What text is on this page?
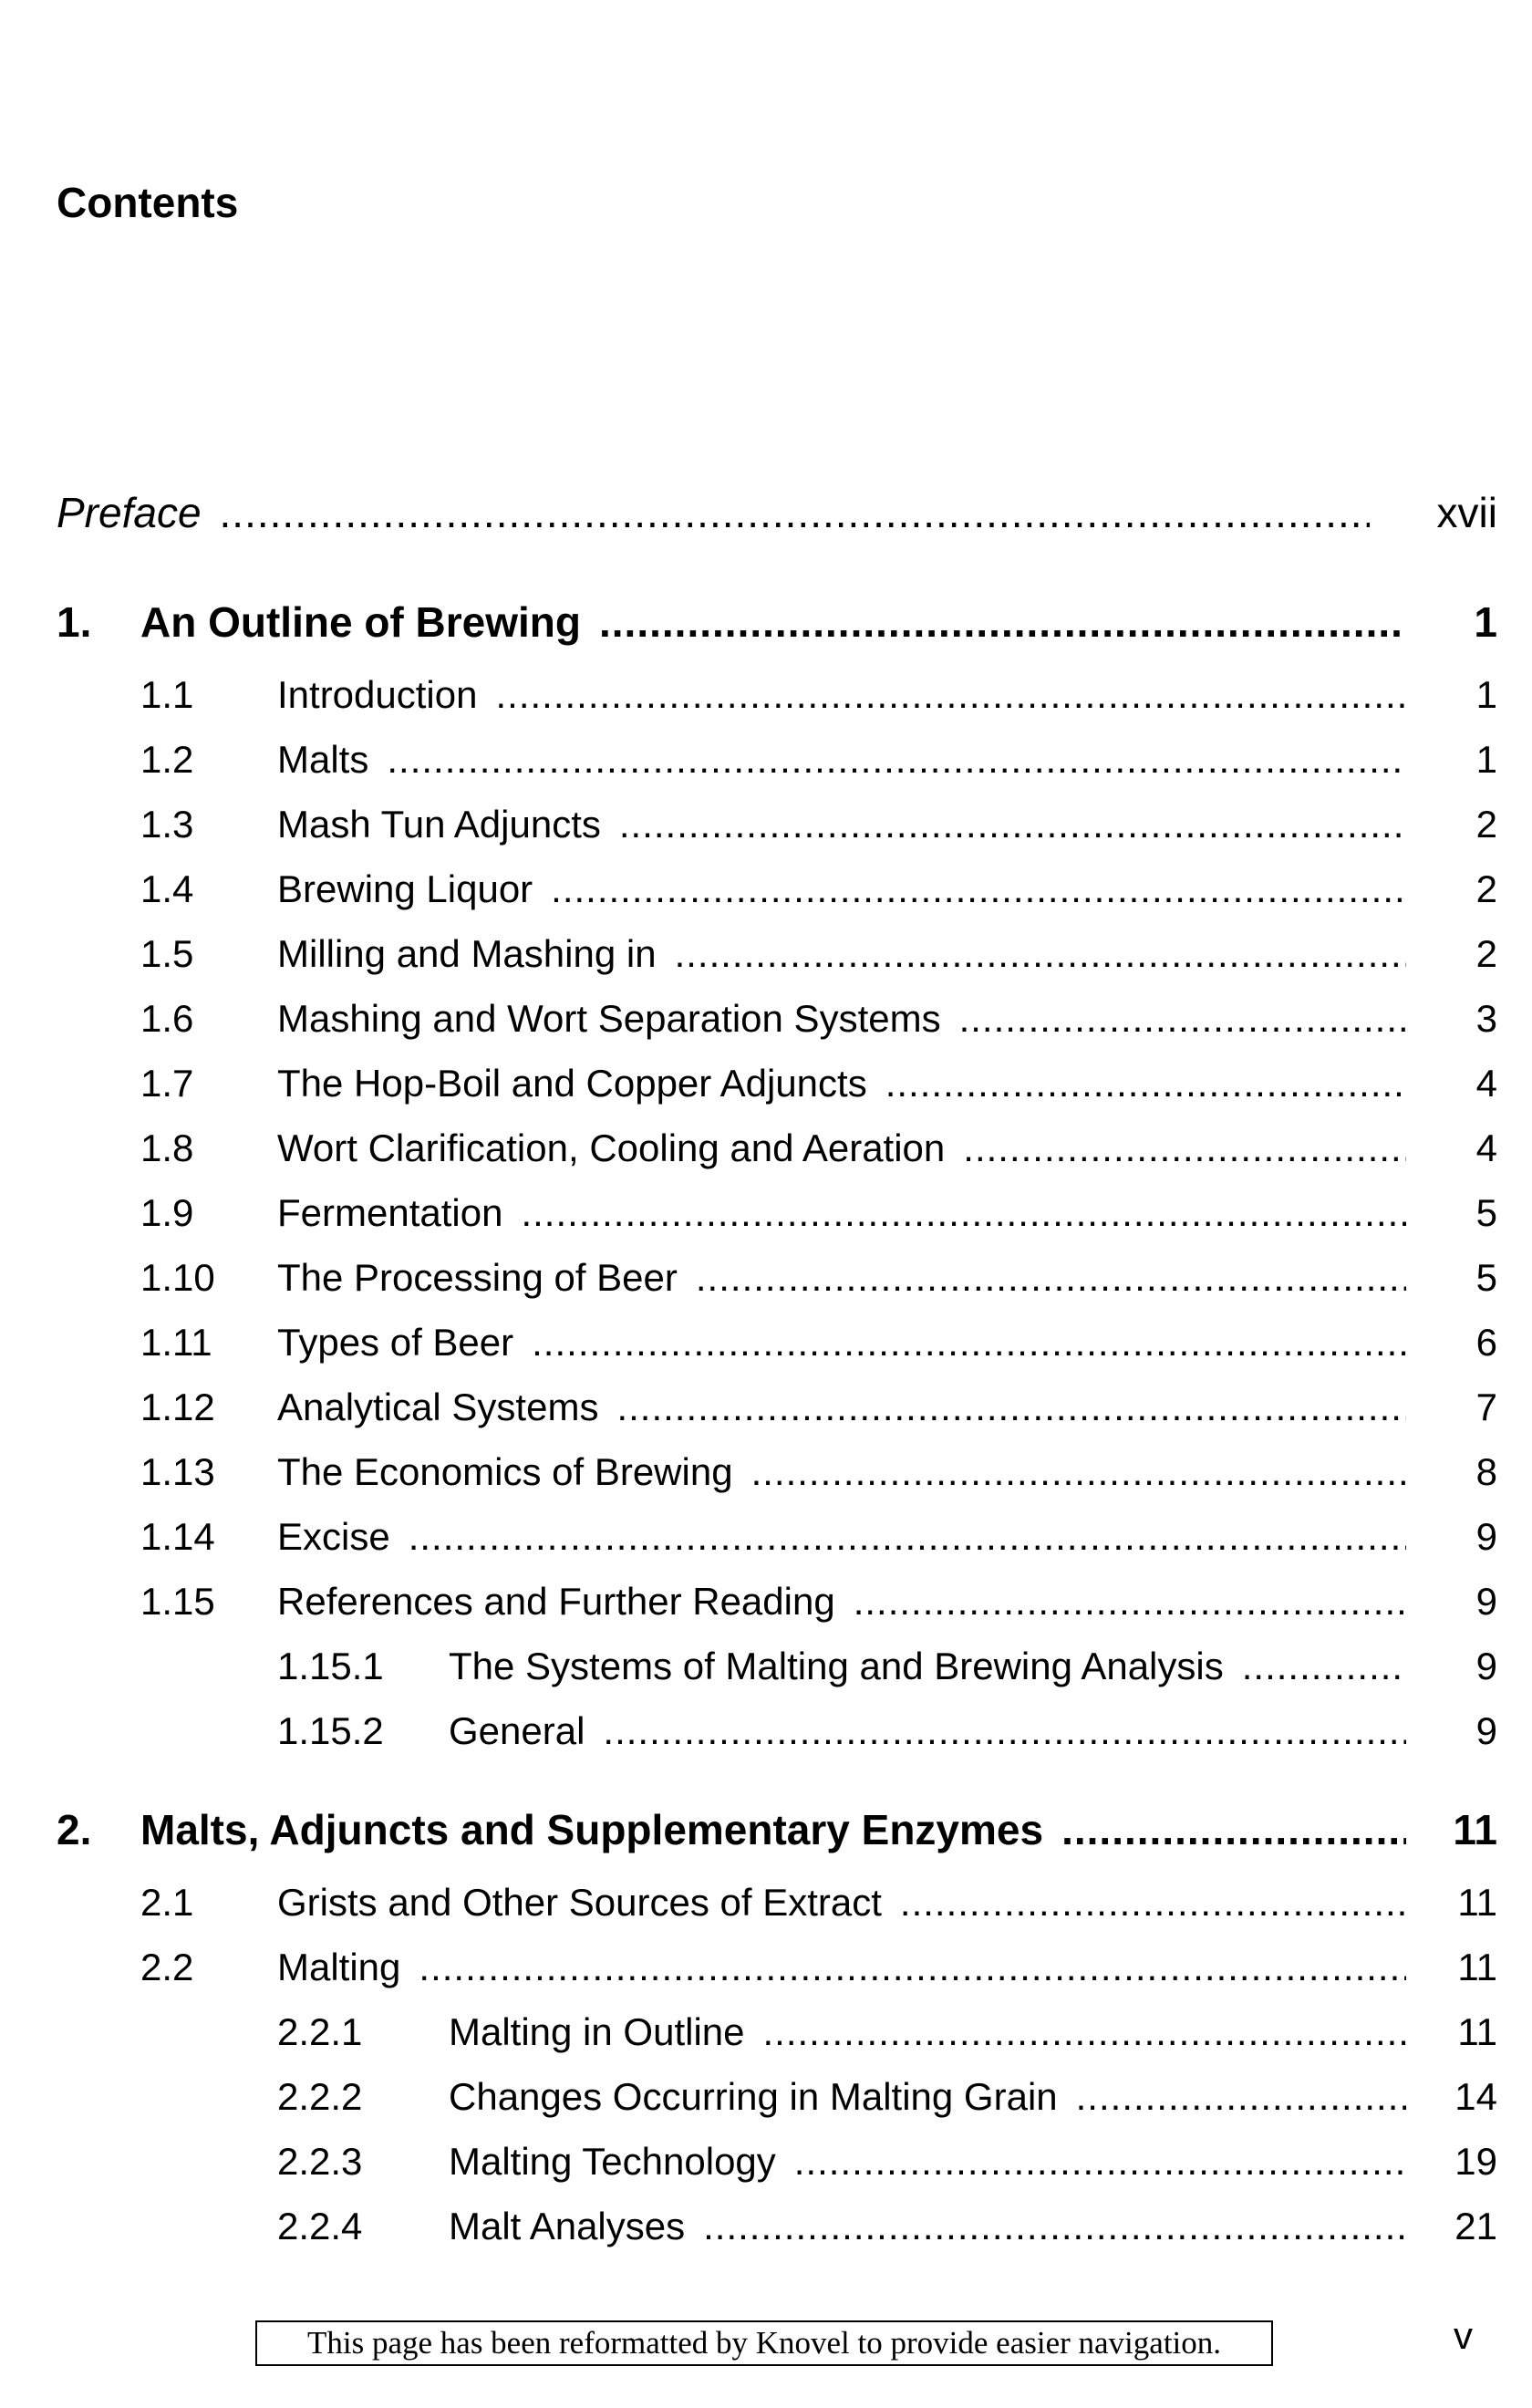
Contents
Preface .....	xvii
1.	An Outline of Brewing .....	1
1.1	Introduction .....	1
1.2	Malts .....	1
1.3	Mash Tun Adjuncts .....	2
1.4	Brewing Liquor .....	2
1.5	Milling and Mashing in .....	2
1.6	Mashing and Wort Separation Systems .....	3
1.7	The Hop-Boil and Copper Adjuncts .....	4
1.8	Wort Clarification, Cooling and Aeration .....	4
1.9	Fermentation .....	5
1.10	The Processing of Beer .....	5
1.11	Types of Beer .....	6
1.12	Analytical Systems .....	7
1.13	The Economics of Brewing .....	8
1.14	Excise .....	9
1.15	References and Further Reading .....	9
1.15.1	The Systems of Malting and Brewing Analysis .....	9
1.15.2	General .....	9
2.	Malts, Adjuncts and Supplementary Enzymes .....	11
2.1	Grists and Other Sources of Extract .....	11
2.2	Malting .....	11
2.2.1	Malting in Outline .....	11
2.2.2	Changes Occurring in Malting Grain .....	14
2.2.3	Malting Technology .....	19
2.2.4	Malt Analyses .....	21
This page has been reformatted by Knovel to provide easier navigation.	v
